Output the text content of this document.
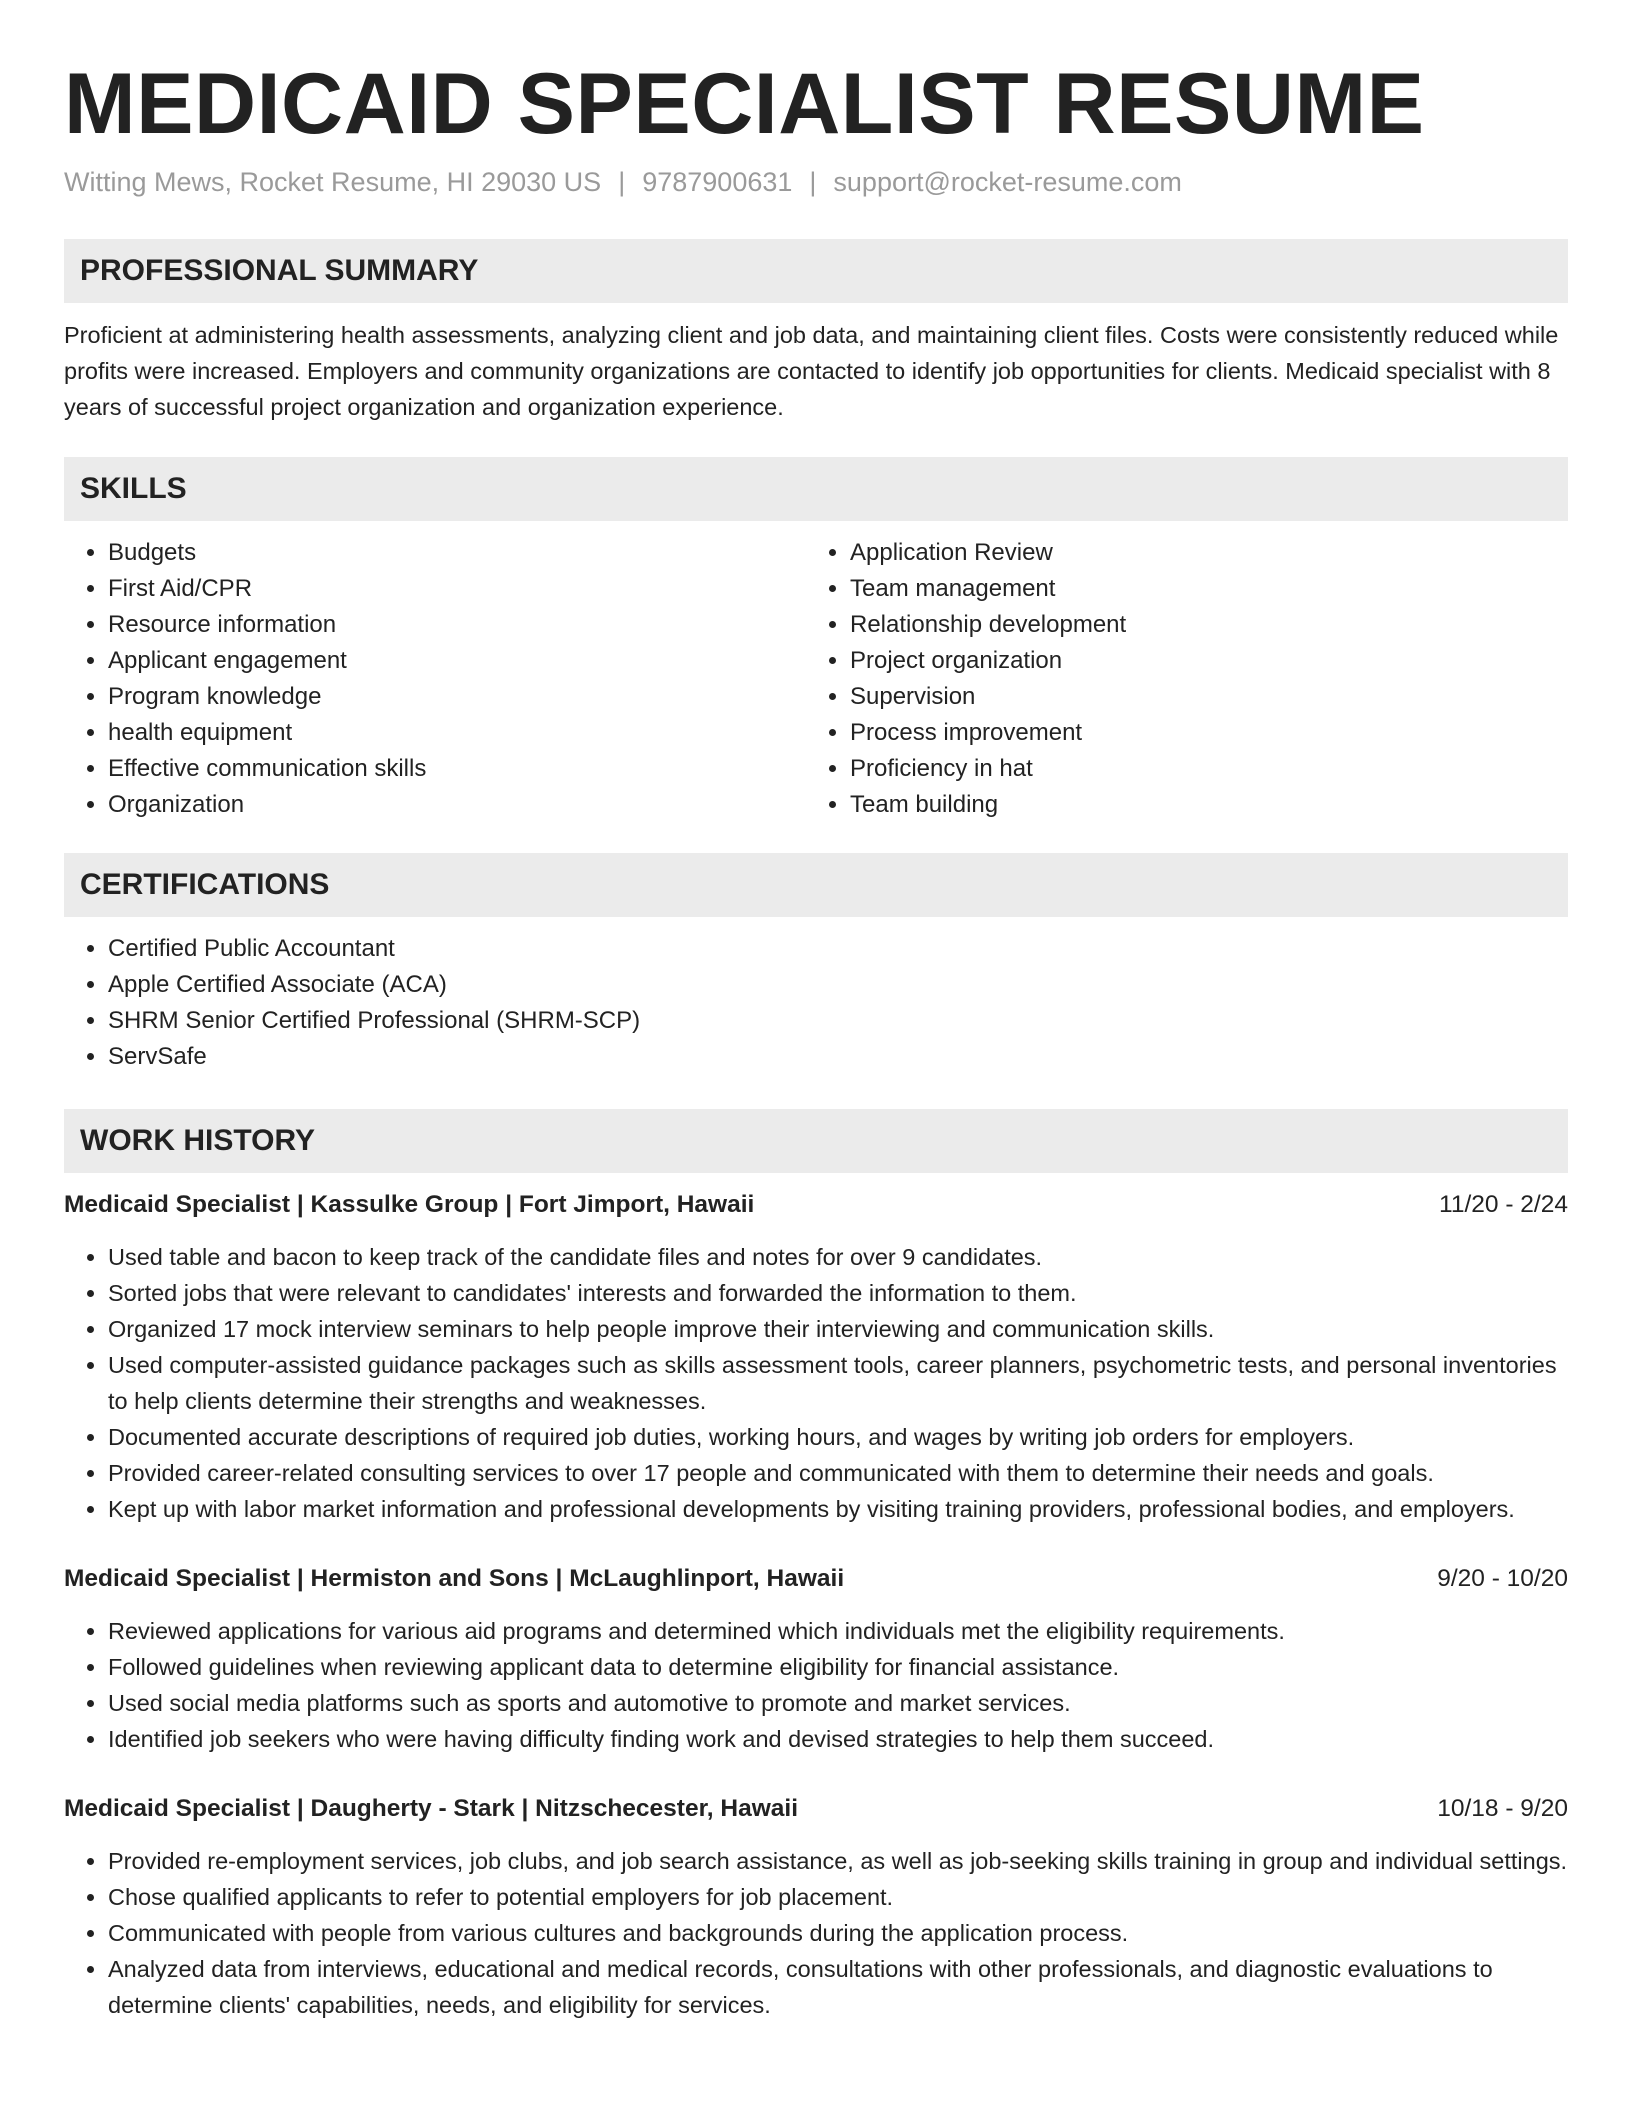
MEDICAID SPECIALIST RESUME
Witting Mews, Rocket Resume, HI 29030 US | 9787900631 | support@rocket-resume.com
PROFESSIONAL SUMMARY
Proficient at administering health assessments, analyzing client and job data, and maintaining client files. Costs were consistently reduced while profits were increased. Employers and community organizations are contacted to identify job opportunities for clients. Medicaid specialist with 8 years of successful project organization and organization experience.
SKILLS
• Budgets
• First Aid/CPR
• Resource information
• Applicant engagement
• Program knowledge
• health equipment
• Effective communication skills
• Organization
• Application Review
• Team management
• Relationship development
• Project organization
• Supervision
• Process improvement
• Proficiency in hat
• Team building
CERTIFICATIONS
• Certified Public Accountant
• Apple Certified Associate (ACA)
• SHRM Senior Certified Professional (SHRM-SCP)
• ServSafe
WORK HISTORY
Medicaid Specialist | Kassulke Group | Fort Jimport, Hawaii	11/20 - 2/24
• Used table and bacon to keep track of the candidate files and notes for over 9 candidates.
• Sorted jobs that were relevant to candidates' interests and forwarded the information to them.
• Organized 17 mock interview seminars to help people improve their interviewing and communication skills.
• Used computer-assisted guidance packages such as skills assessment tools, career planners, psychometric tests, and personal inventories to help clients determine their strengths and weaknesses.
• Documented accurate descriptions of required job duties, working hours, and wages by writing job orders for employers.
• Provided career-related consulting services to over 17 people and communicated with them to determine their needs and goals.
• Kept up with labor market information and professional developments by visiting training providers, professional bodies, and employers.
Medicaid Specialist | Hermiston and Sons | McLaughlinport, Hawaii	9/20 - 10/20
• Reviewed applications for various aid programs and determined which individuals met the eligibility requirements.
• Followed guidelines when reviewing applicant data to determine eligibility for financial assistance.
• Used social media platforms such as sports and automotive to promote and market services.
• Identified job seekers who were having difficulty finding work and devised strategies to help them succeed.
Medicaid Specialist | Daugherty - Stark | Nitzschecester, Hawaii	10/18 - 9/20
• Provided re-employment services, job clubs, and job search assistance, as well as job-seeking skills training in group and individual settings.
• Chose qualified applicants to refer to potential employers for job placement.
• Communicated with people from various cultures and backgrounds during the application process.
• Analyzed data from interviews, educational and medical records, consultations with other professionals, and diagnostic evaluations to determine clients' capabilities, needs, and eligibility for services.
